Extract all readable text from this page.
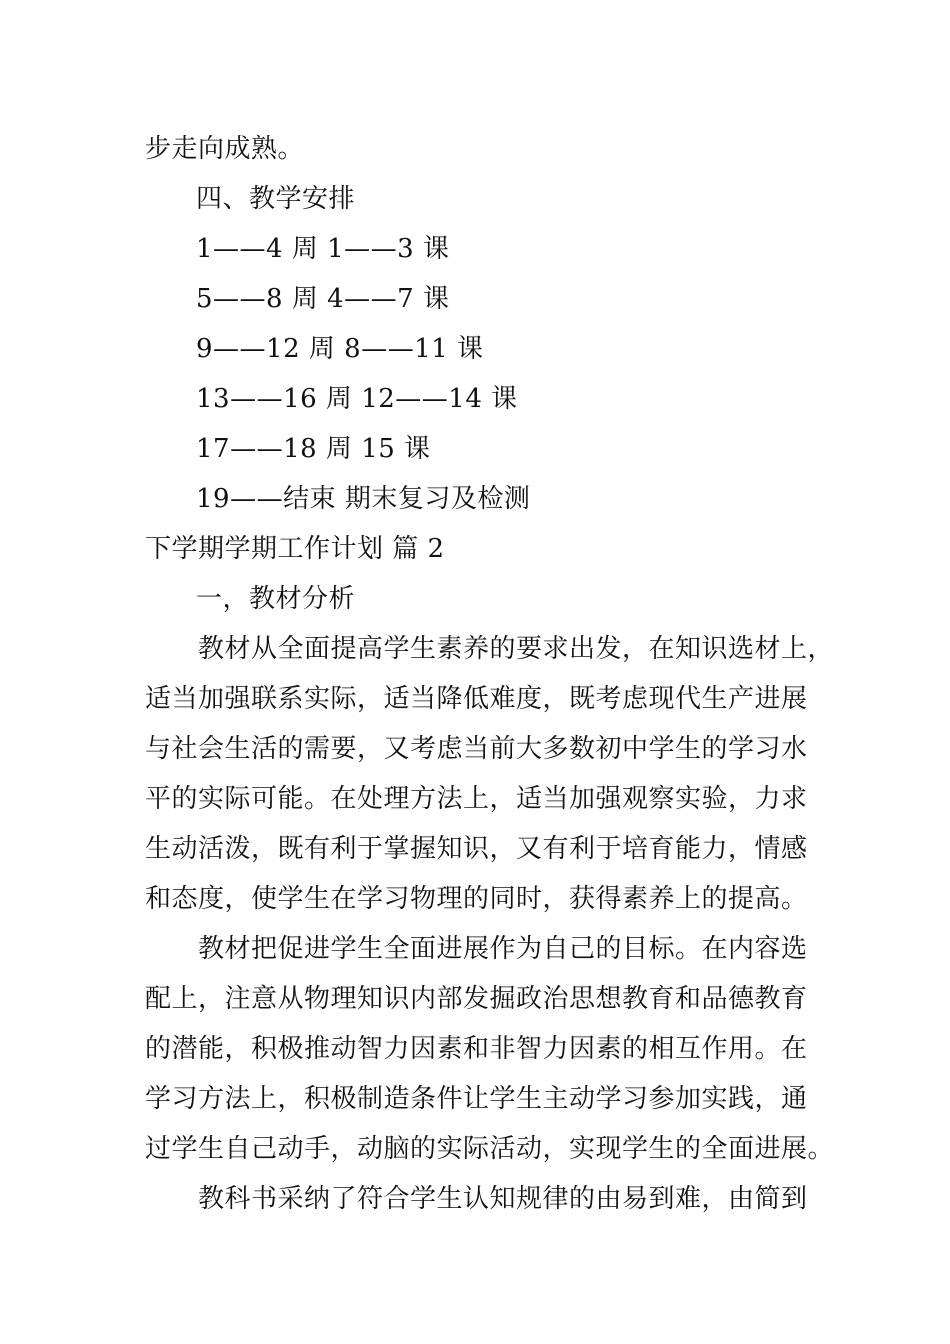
步走向成熟。
四、教学安排
1——4 周 1——3 课
5——8 周 4——7 课
9——12 周 8——11 课
13——16 周 12——14 课
17——18 周 15 课
19——结束 期末复习及检测
下学期学期工作计划 篇 2
一，教材分析
教材从全面提高学生素养的要求出发，在知识选材上，
适当加强联系实际，适当降低难度，既考虑现代生产进展
与社会生活的需要，又考虑当前大多数初中学生的学习水
平的实际可能。在处理方法上，适当加强观察实验，力求
生动活泼，既有利于掌握知识，又有利于培育能力，情感
和态度，使学生在学习物理的同时，获得素养上的提高。
教材把促进学生全面进展作为自己的目标。在内容选
配上，注意从物理知识内部发掘政治思想教育和品德教育
的潜能，积极推动智力因素和非智力因素的相互作用。在
学习方法上，积极制造条件让学生主动学习参加实践，通
过学生自己动手，动脑的实际活动，实现学生的全面进展。
教科书采纳了符合学生认知规律的由易到难，由简到
